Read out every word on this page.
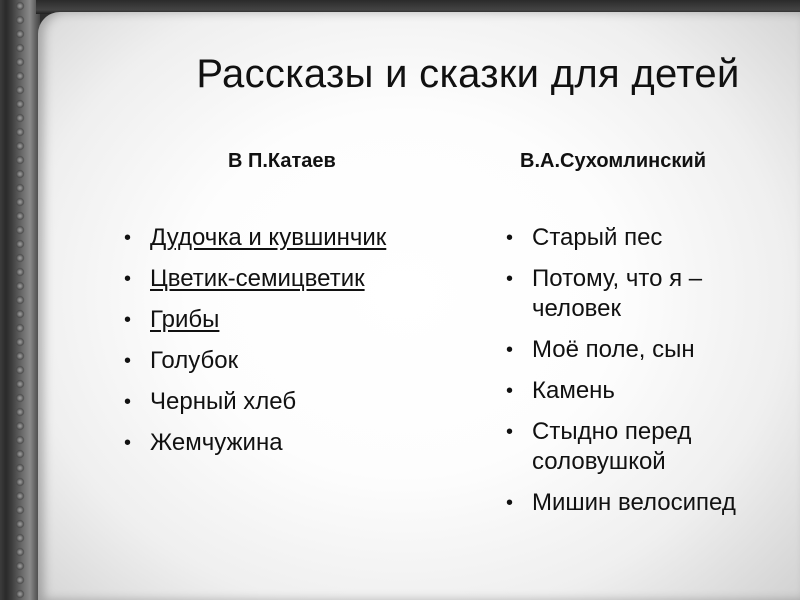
Рассказы и сказки для детей
В П.Катаев	В.А.Сухомлинский
• Дудочка и кувшинчик
• Цветик-семицветик
• Грибы
• Голубок
• Черный хлеб
• Жемчужина
• Старый пес
• Потому, что я –
человек
• Моё поле, сын
• Камень
• Стыдно перед
соловушкой
• Мишин велосипед
